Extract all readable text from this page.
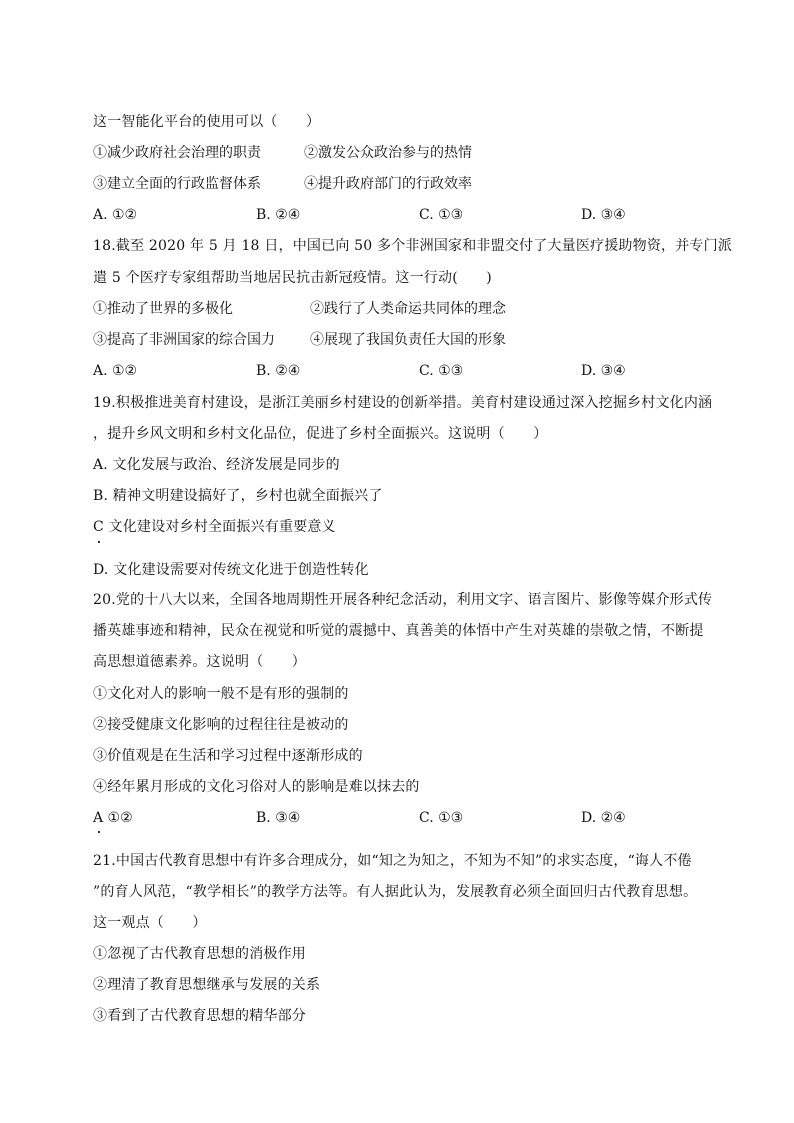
这一智能化平台的使用可以（　　）
①减少政府社会治理的职责	②激发公众政治参与的热情
③建立全面的行政监督体系	④提升政府部门的行政效率
A. ①②	B. ②④	C. ①③	D. ③④
18.截至 2020 年 5 月 18 日，中国已向 50 多个非洲国家和非盟交付了大量医疗援助物资，并专门派
遣 5 个医疗专家组帮助当地居民抗击新冠疫情。这一行动(　　)
①推动了世界的多极化	②践行了人类命运共同体的理念
③提高了非洲国家的综合国力	④展现了我国负责任大国的形象
A. ①②	B. ②④	C. ①③	D. ③④
19.积极推进美育村建设，是浙江美丽乡村建设的创新举措。美育村建设通过深入挖掘乡村文化内涵
，提升乡风文明和乡村文化品位，促进了乡村全面振兴。这说明（　　）
A. 文化发展与政治、经济发展是同步的
B. 精神文明建设搞好了，乡村也就全面振兴了
C 文化建设对乡村全面振兴有重要意义
D. 文化建设需要对传统文化进于创造性转化
20.党的十八大以来，全国各地周期性开展各种纪念活动，利用文字、语言图片、影像等媒介形式传
播英雄事迹和精神，民众在视觉和听觉的震撼中、真善美的体悟中产生对英雄的崇敬之情，不断提
高思想道德素养。这说明（　　）
①文化对人的影响一般不是有形的强制的
②接受健康文化影响的过程往往是被动的
③价值观是在生活和学习过程中逐渐形成的
④经年累月形成的文化习俗对人的影响是难以抹去的
A ①②	B. ③④	C. ①③	D. ②④
21.中国古代教育思想中有许多合理成分，如“知之为知之，不知为不知”的求实态度，“诲人不倦
”的育人风范，“教学相长”的教学方法等。有人据此认为，发展教育必须全面回归古代教育思想。
这一观点（　　）
①忽视了古代教育思想的消极作用
②理清了教育思想继承与发展的关系
③看到了古代教育思想的精华部分
